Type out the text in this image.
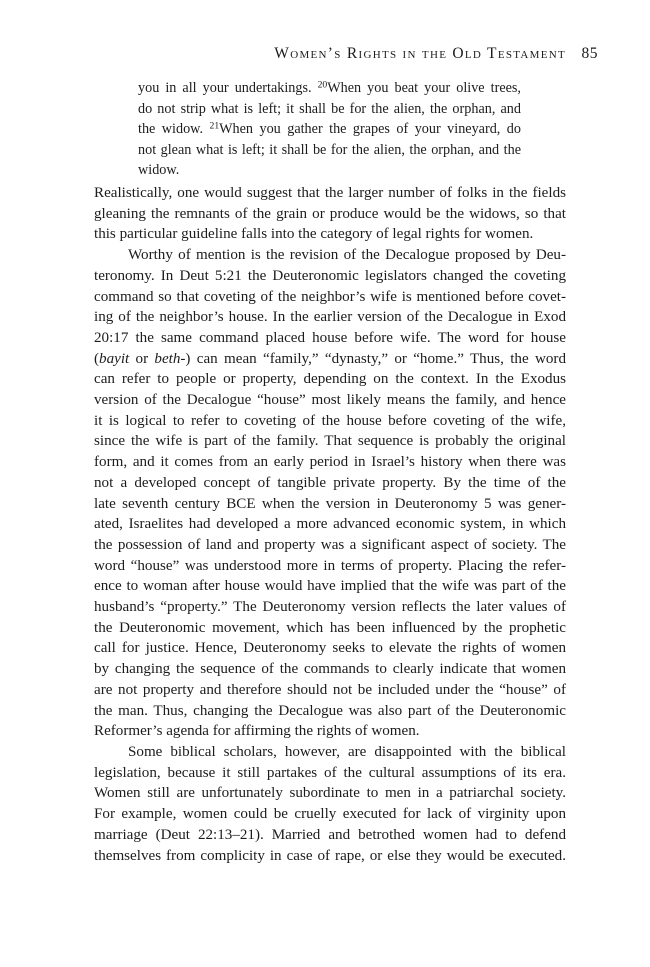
Women’s Rights in the Old Testament 85
you in all your undertakings. $^{20}$When you beat your olive trees,
do not strip what is left; it shall be for the alien, the orphan, and
the widow. $^{21}$When you gather the grapes of your vineyard, do
not glean what is left; it shall be for the alien, the orphan, and the
widow.
Realistically, one would suggest that the larger number of folks in the fields
gleaning the remnants of the grain or produce would be the widows, so that
this particular guideline falls into the category of legal rights for women.
Worthy of mention is the revision of the Decalogue proposed by Deu-
teronomy. In Deut 5:21 the Deuteronomic legislators changed the coveting
command so that coveting of the neighbor’s wife is mentioned before covet-
ing of the neighbor’s house. In the earlier version of the Decalogue in Exod
20:17 the same command placed house before wife. The word for house
(bayit or beth-) can mean “family,” “dynasty,” or “home.” Thus, the word
can refer to people or property, depending on the context. In the Exodus
version of the Decalogue “house” most likely means the family, and hence
it is logical to refer to coveting of the house before coveting of the wife,
since the wife is part of the family. That sequence is probably the original
form, and it comes from an early period in Israel’s history when there was
not a developed concept of tangible private property. By the time of the
late seventh century BCE when the version in Deuteronomy 5 was gener-
ated, Israelites had developed a more advanced economic system, in which
the possession of land and property was a significant aspect of society. The
word “house” was understood more in terms of property. Placing the refer-
ence to woman after house would have implied that the wife was part of the
husband’s “property.” The Deuteronomy version reflects the later values of
the Deuteronomic movement, which has been influenced by the prophetic
call for justice. Hence, Deuteronomy seeks to elevate the rights of women
by changing the sequence of the commands to clearly indicate that women
are not property and therefore should not be included under the “house” of
the man. Thus, changing the Decalogue was also part of the Deuteronomic
Reformer’s agenda for affirming the rights of women.
Some biblical scholars, however, are disappointed with the biblical
legislation, because it still partakes of the cultural assumptions of its era.
Women still are unfortunately subordinate to men in a patriarchal society.
For example, women could be cruelly executed for lack of virginity upon
marriage (Deut 22:13–21). Married and betrothed women had to defend
themselves from complicity in case of rape, or else they would be executed.
